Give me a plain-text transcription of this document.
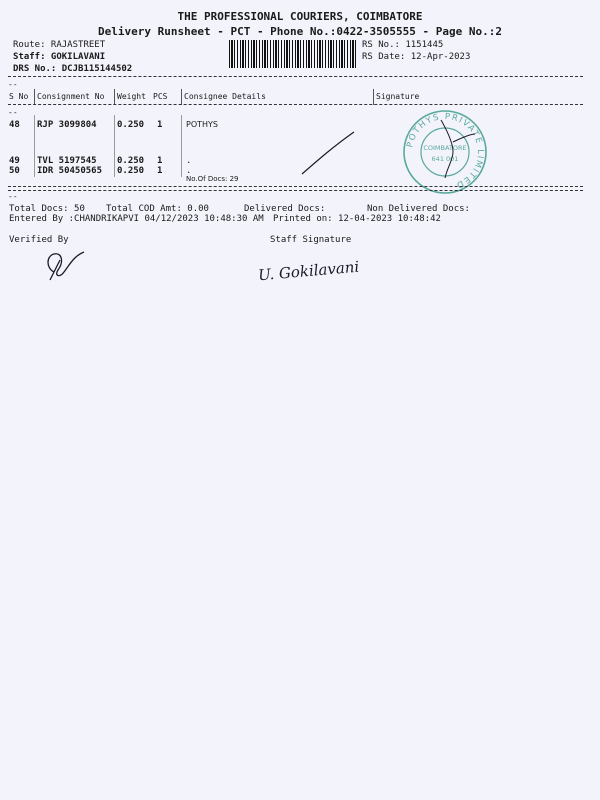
THE PROFESSIONAL COURIERS, COIMBATORE
Delivery Runsheet - PCT - Phone No.:0422-3505555 - Page No.:2
Route: RAJASTREET
Staff: GOKILAVANI
DRS No.: DCJB115144502
RS No.: 1151445
RS Date: 12-Apr-2023
--
S No Consignment No Weight PCS Consignee Details	Signature
--
48 RJP 3099804 0.250 1	POTHYS
49 TVL 5197545 0.250 1	.
50 IDR 50450565 0.250 1	.
No.Of Docs: 29
POTHYS PRIVATE LIMITED
COIMBATORE
641 001
--
Total Docs: 50 Total COD Amt: 0.00	Delivered Docs:	Non Delivered Docs:
Entered By :CHANDRIKAPVI 04/12/2023 10:48:30 AM Printed on: 12-04-2023 10:48:42
Verified By	Staff Signature
U. Gokilavani
